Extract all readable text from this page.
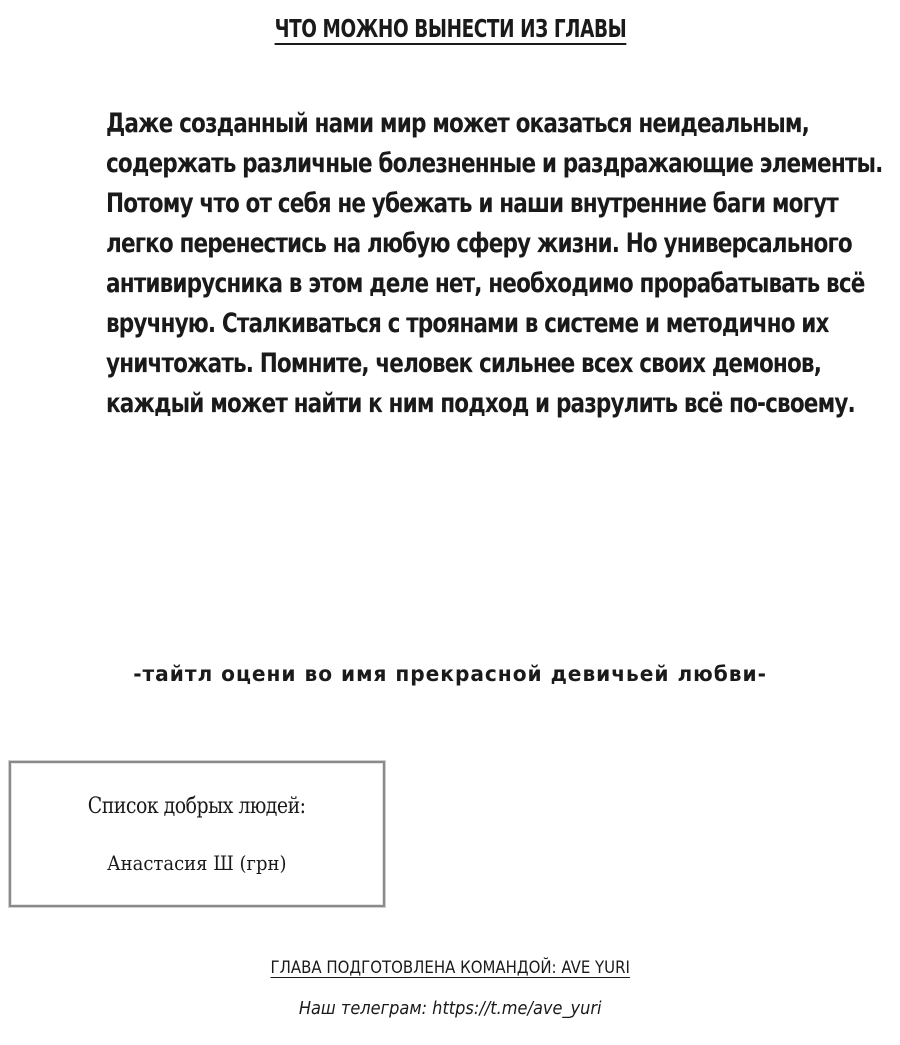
ЧТО МОЖНО ВЫНЕСТИ ИЗ ГЛАВЫ
Даже созданный нами мир может оказаться неидеальным,
содержать различные болезненные и раздражающие элементы.
Потому что от себя не убежать и наши внутренние баги могут
легко перенестись на любую сферу жизни. Но универсального
антивирусника в этом деле нет, необходимо прорабатывать всё
вручную. Сталкиваться с троянами в системе и методично их
уничтожать. Помните, человек сильнее всех своих демонов,
каждый может найти к ним подход и разрулить всё по-своему.
-тайтл оцени во имя прекрасной девичьей любви-
Список добрых людей:
Анастасия Ш (грн)
ГЛАВА ПОДГОТОВЛЕНА КОМАНДОЙ: AVE YURI
Наш телеграм: https://t.me/ave_yuri
